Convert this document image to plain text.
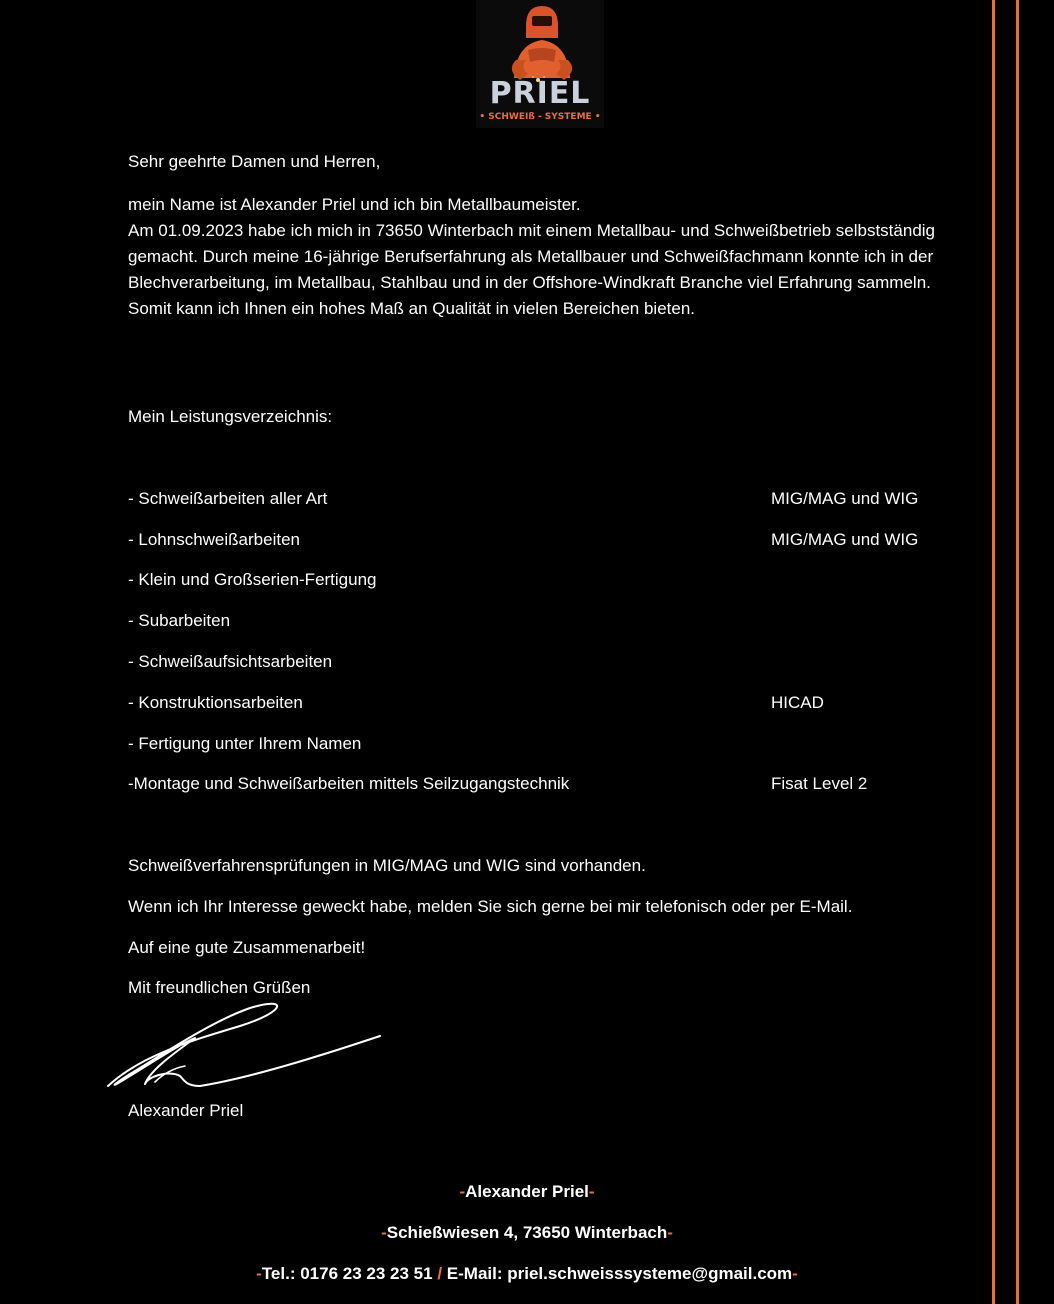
PRIEL
• SCHWEIß - SYSTEME •
Sehr geehrte Damen und Herren,

mein Name ist Alexander Priel und ich bin Metallbaumeister.

Am 01.09.2023 habe ich mich in 73650 Winterbach mit einem Metallbau- und Schweißbetrieb selbstständig gemacht. Durch meine 16-jährige Berufserfahrung als Metallbauer und Schweißfachmann konnte ich in der Blechverarbeitung, im Metallbau, Stahlbau und in der Offshore-Windkraft Branche viel Erfahrung sammeln.

Somit kann ich Ihnen ein hohes Maß an Qualität in vielen Bereichen bieten.

Mein Leistungsverzeichnis:
- Schweißarbeiten aller Art	MIG/MAG und WIG
- Lohnschweißarbeiten	MIG/MAG und WIG
- Klein und Großserien-Fertigung
- Subarbeiten
- Schweißaufsichtsarbeiten
- Konstruktionsarbeiten	HICAD
- Fertigung unter Ihrem Namen
-Montage und Schweißarbeiten mittels Seilzugangstechnik	Fisat Level 2
Schweißverfahrensprüfungen in MIG/MAG und WIG sind vorhanden.
Wenn ich Ihr Interesse geweckt habe, melden Sie sich gerne bei mir telefonisch oder per E-Mail.
Auf eine gute Zusammenarbeit!
Mit freundlichen Grüßen
Alexander Priel
-Alexander Priel-
-Schießwiesen 4, 73650 Winterbach-
-Tel.: 0176 23 23 23 51 / E-Mail: priel.schweisssysteme@gmail.com-
